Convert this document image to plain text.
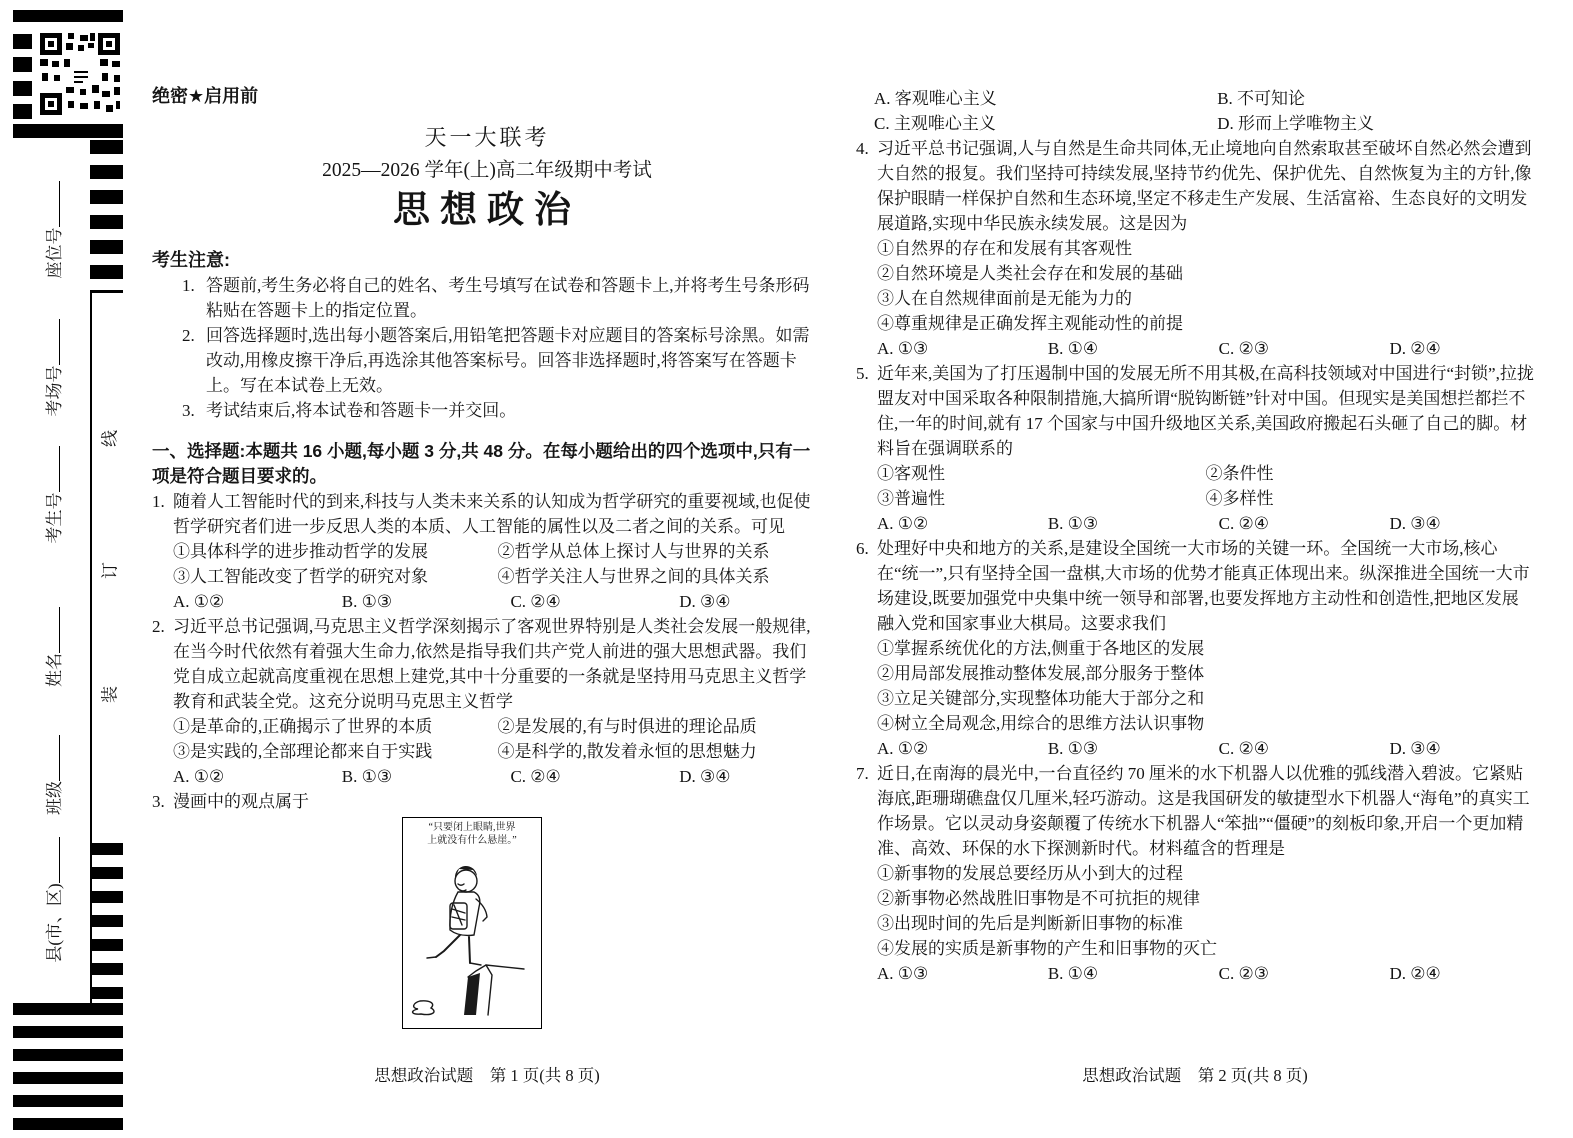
座位号
考场号
考生号
姓名
班级
县(市、区)
线
订
装
绝密★启用前
天一大联考
2025—2026 学年(上)高二年级期中考试
思想政治
考生注意:
1. 答题前,考生务必将自己的姓名、考生号填写在试卷和答题卡上,并将考生号条形码粘贴在答题卡上的指定位置。
2. 回答选择题时,选出每小题答案后,用铅笔把答题卡对应题目的答案标号涂黑。如需改动,用橡皮擦干净后,再选涂其他答案标号。回答非选择题时,将答案写在答题卡上。写在本试卷上无效。
3. 考试结束后,将本试卷和答题卡一并交回。
一、选择题:本题共 16 小题,每小题 3 分,共 48 分。在每小题给出的四个选项中,只有一项是符合题目要求的。
1. 随着人工智能时代的到来,科技与人类未来关系的认知成为哲学研究的重要视域,也促使哲学研究者们进一步反思人类的本质、人工智能的属性以及二者之间的关系。可见
①具体科学的进步推动哲学的发展	②哲学从总体上探讨人与世界的关系
③人工智能改变了哲学的研究对象	④哲学关注人与世界之间的具体关系
A. ①②	B. ①③	C. ②④	D. ③④
2. 习近平总书记强调,马克思主义哲学深刻揭示了客观世界特别是人类社会发展一般规律,在当今时代依然有着强大生命力,依然是指导我们共产党人前进的强大思想武器。我们党自成立起就高度重视在思想上建党,其中十分重要的一条就是坚持用马克思主义哲学教育和武装全党。这充分说明马克思主义哲学
①是革命的,正确揭示了世界的本质	②是发展的,有与时俱进的理论品质
③是实践的,全部理论都来自于实践	④是科学的,散发着永恒的思想魅力
A. ①②	B. ①③	C. ②④	D. ③④
3. 漫画中的观点属于
“只要闭上眼睛,世界
上就没有什么悬崖。”
思想政治试题　第 1 页(共 8 页)
A. 客观唯心主义	B. 不可知论
C. 主观唯心主义	D. 形而上学唯物主义
4. 习近平总书记强调,人与自然是生命共同体,无止境地向自然索取甚至破坏自然必然会遭到大自然的报复。我们坚持可持续发展,坚持节约优先、保护优先、自然恢复为主的方针,像保护眼睛一样保护自然和生态环境,坚定不移走生产发展、生活富裕、生态良好的文明发展道路,实现中华民族永续发展。这是因为
①自然界的存在和发展有其客观性
②自然环境是人类社会存在和发展的基础
③人在自然规律面前是无能为力的
④尊重规律是正确发挥主观能动性的前提
A. ①③	B. ①④	C. ②③	D. ②④
5. 近年来,美国为了打压遏制中国的发展无所不用其极,在高科技领域对中国进行“封锁”,拉拢盟友对中国采取各种限制措施,大搞所谓“脱钩断链”针对中国。但现实是美国想拦都拦不住,一年的时间,就有 17 个国家与中国升级地区关系,美国政府搬起石头砸了自己的脚。材料旨在强调联系的
①客观性	②条件性
③普遍性	④多样性
A. ①②	B. ①③	C. ②④	D. ③④
6. 处理好中央和地方的关系,是建设全国统一大市场的关键一环。全国统一大市场,核心在“统一”,只有坚持全国一盘棋,大市场的优势才能真正体现出来。纵深推进全国统一大市场建设,既要加强党中央集中统一领导和部署,也要发挥地方主动性和创造性,把地区发展融入党和国家事业大棋局。这要求我们
①掌握系统优化的方法,侧重于各地区的发展
②用局部发展推动整体发展,部分服务于整体
③立足关键部分,实现整体功能大于部分之和
④树立全局观念,用综合的思维方法认识事物
A. ①②	B. ①③	C. ②④	D. ③④
7. 近日,在南海的晨光中,一台直径约 70 厘米的水下机器人以优雅的弧线潜入碧波。它紧贴海底,距珊瑚礁盘仅几厘米,轻巧游动。这是我国研发的敏捷型水下机器人“海龟”的真实工作场景。它以灵动身姿颠覆了传统水下机器人“笨拙”“僵硬”的刻板印象,开启一个更加精准、高效、环保的水下探测新时代。材料蕴含的哲理是
①新事物的发展总要经历从小到大的过程
②新事物必然战胜旧事物是不可抗拒的规律
③出现时间的先后是判断新旧事物的标准
④发展的实质是新事物的产生和旧事物的灭亡
A. ①③	B. ①④	C. ②③	D. ②④
思想政治试题　第 2 页(共 8 页)
